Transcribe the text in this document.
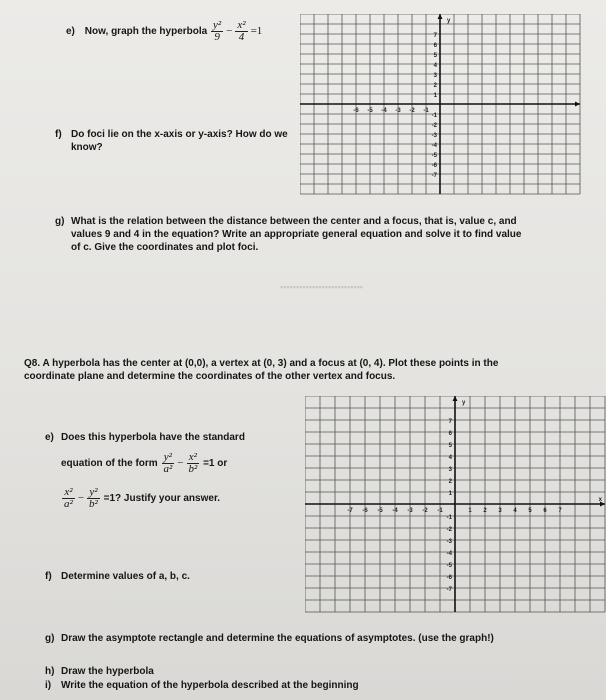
y
7
6
5
4
3
2
1
-1
-2
-3
-4
-5
-6
-7
-6 -5 -4 -3 -2 -1
y
x
7
6
5
4
3
2
1
-1
-2
-3
-4
-5
-6
-7
-7 -6 -5 -4 -3 -2 -1	1 2 3 4 5 6 7
▪▪▪▪▪▪▪▪▪▪▪▪▪▪▪▪▪▪▪▪▪▪▪▪▪▪
e) Now, graph the hyperbola $\frac{\text{y²}}{9} - \frac{\text{x²}}{4} =1$
f) Do foci lie on the x-axis or y-axis? How do we
know?
g) What is the relation between the distance between the center and a focus, that is, value c, and
values 9 and 4 in the equation? Write an appropriate general equation and solve it to find value
of c. Give the coordinates and plot foci.
Q8. A hyperbola has the center at (0,0), a vertex at (0, 3) and a focus at (0, 4). Plot these points in the
coordinate plane and determine the coordinates of the other vertex and focus.
e) Does this hyperbola have the standard
equation of the form $\frac{\text{y²}}{\text{a²}} - \frac{\text{x²}}{\text{b²}} =1$ or
$\frac{\text{x²}}{\text{a²}} - \frac{\text{y²}}{\text{b²}} =1$? Justify your answer.
f) Determine values of a, b, c.
g) Draw the asymptote rectangle and determine the equations of asymptotes. (use the graph!)
h) Draw the hyperbola
i) Write the equation of the hyperbola described at the beginning
